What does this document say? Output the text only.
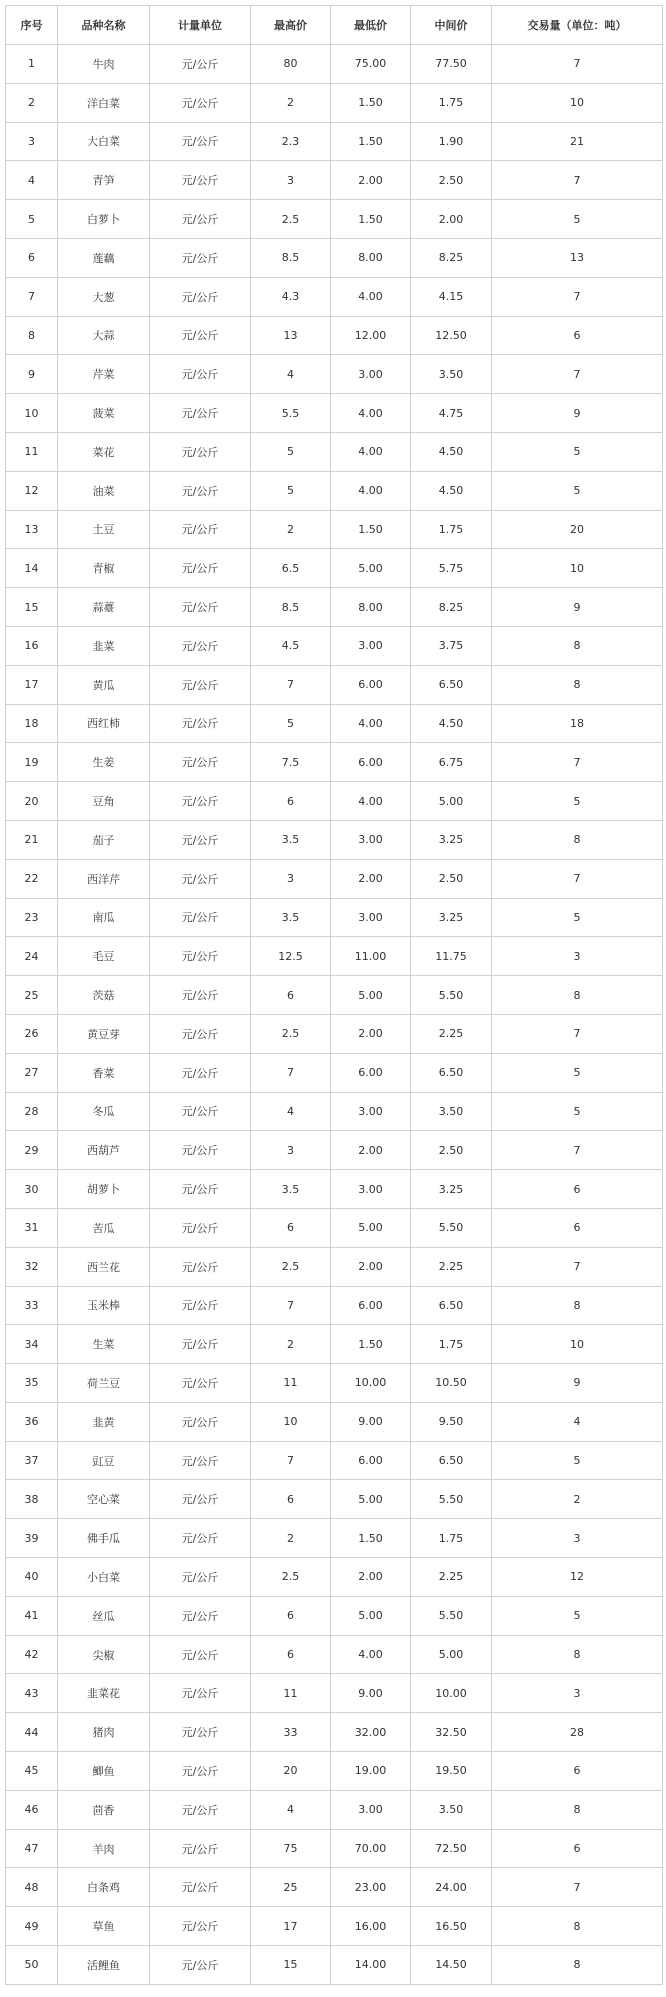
序号	品种名称	计量单位	最高价	最低价	中间价	交易量（单位：吨）
1	牛肉	元/公斤	80	75.00	77.50	7
2	洋白菜	元/公斤	2	1.50	1.75	10
3	大白菜	元/公斤	2.3	1.50	1.90	21
4	青笋	元/公斤	3	2.00	2.50	7
5	白萝卜	元/公斤	2.5	1.50	2.00	5
6	莲藕	元/公斤	8.5	8.00	8.25	13
7	大葱	元/公斤	4.3	4.00	4.15	7
8	大蒜	元/公斤	13	12.00	12.50	6
9	芹菜	元/公斤	4	3.00	3.50	7
10	菠菜	元/公斤	5.5	4.00	4.75	9
11	菜花	元/公斤	5	4.00	4.50	5
12	油菜	元/公斤	5	4.00	4.50	5
13	土豆	元/公斤	2	1.50	1.75	20
14	青椒	元/公斤	6.5	5.00	5.75	10
15	蒜薹	元/公斤	8.5	8.00	8.25	9
16	韭菜	元/公斤	4.5	3.00	3.75	8
17	黄瓜	元/公斤	7	6.00	6.50	8
18	西红柿	元/公斤	5	4.00	4.50	18
19	生姜	元/公斤	7.5	6.00	6.75	7
20	豆角	元/公斤	6	4.00	5.00	5
21	茄子	元/公斤	3.5	3.00	3.25	8
22	西洋芹	元/公斤	3	2.00	2.50	7
23	南瓜	元/公斤	3.5	3.00	3.25	5
24	毛豆	元/公斤	12.5	11.00	11.75	3
25	茨菇	元/公斤	6	5.00	5.50	8
26	黄豆芽	元/公斤	2.5	2.00	2.25	7
27	香菜	元/公斤	7	6.00	6.50	5
28	冬瓜	元/公斤	4	3.00	3.50	5
29	西葫芦	元/公斤	3	2.00	2.50	7
30	胡萝卜	元/公斤	3.5	3.00	3.25	6
31	苦瓜	元/公斤	6	5.00	5.50	6
32	西兰花	元/公斤	2.5	2.00	2.25	7
33	玉米棒	元/公斤	7	6.00	6.50	8
34	生菜	元/公斤	2	1.50	1.75	10
35	荷兰豆	元/公斤	11	10.00	10.50	9
36	韭黄	元/公斤	10	9.00	9.50	4
37	豇豆	元/公斤	7	6.00	6.50	5
38	空心菜	元/公斤	6	5.00	5.50	2
39	佛手瓜	元/公斤	2	1.50	1.75	3
40	小白菜	元/公斤	2.5	2.00	2.25	12
41	丝瓜	元/公斤	6	5.00	5.50	5
42	尖椒	元/公斤	6	4.00	5.00	8
43	韭菜花	元/公斤	11	9.00	10.00	3
44	猪肉	元/公斤	33	32.00	32.50	28
45	鲫鱼	元/公斤	20	19.00	19.50	6
46	茴香	元/公斤	4	3.00	3.50	8
47	羊肉	元/公斤	75	70.00	72.50	6
48	白条鸡	元/公斤	25	23.00	24.00	7
49	草鱼	元/公斤	17	16.00	16.50	8
50	活鲤鱼	元/公斤	15	14.00	14.50	8
